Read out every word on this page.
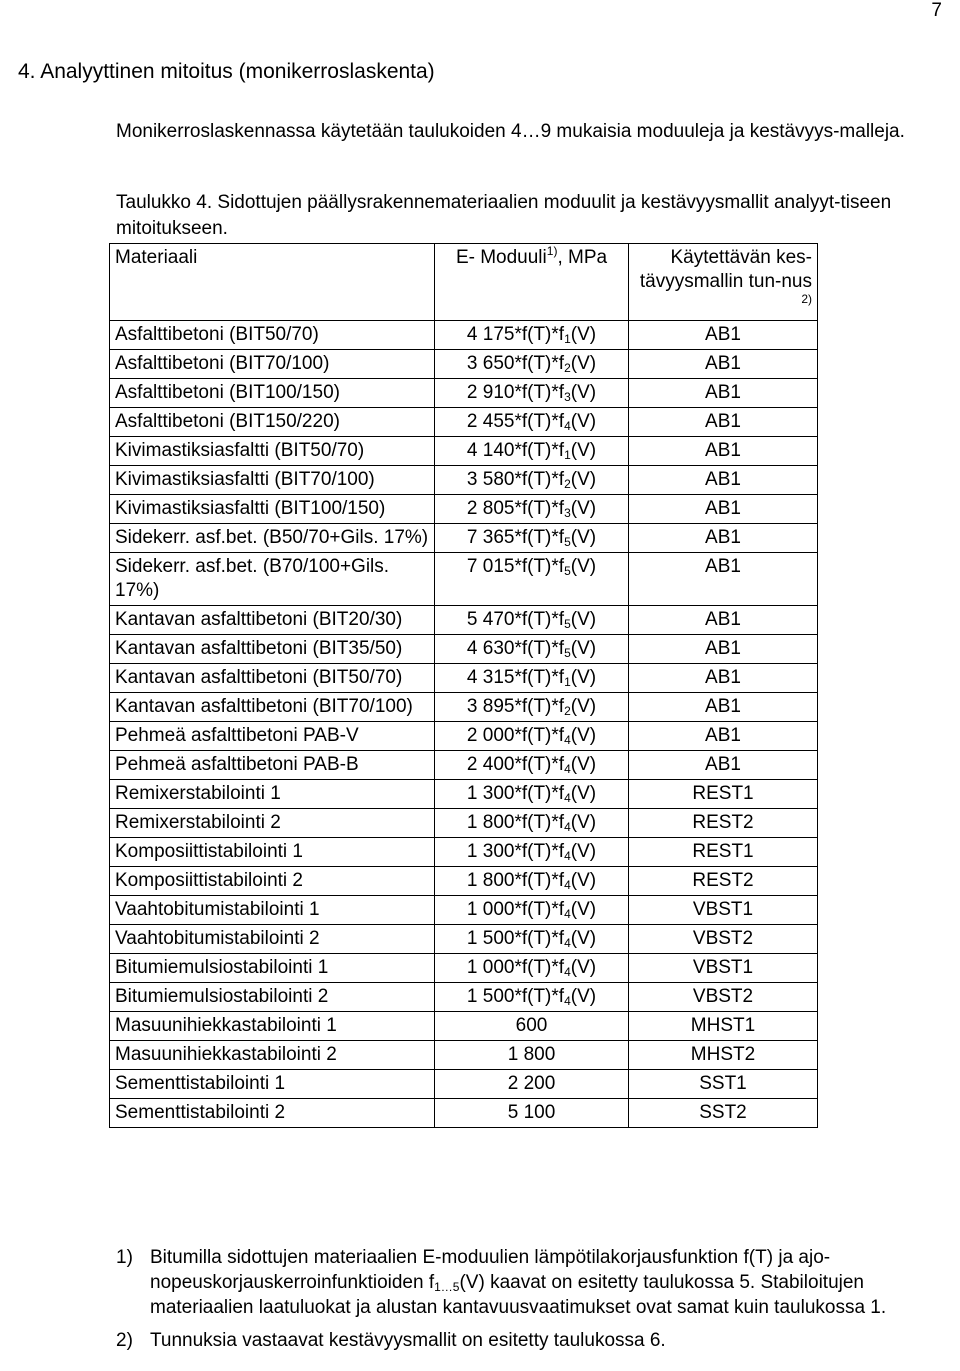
7
4. Analyyttinen mitoitus (monikerroslaskenta)

Monikerroslaskennassa käytetään taulukoiden 4…9 mukaisia moduuleja ja kestävyys-malleja.

Taulukko 4. Sidottujen päällysrakennemateriaalien moduulit ja kestävyysmallit analyyt-tiseen mitoitukseen.

Materiaali	E- Moduuli$^{1)}$, MPa	Käytettävän kes-tävyysmallin tun-nus $^{2)}$
Asfalttibetoni (BIT50/70)	4 $175*f(T)*f_1(V)$	AB1
Asfalttibetoni (BIT70/100)	3 $650*f(T)*f_2(V)$	AB1
Asfalttibetoni (BIT100/150)	2 $910*f(T)*f_3(V)$	AB1
Asfalttibetoni (BIT150/220)	2 $455*f(T)*f_4(V)$	AB1
Kivimastiksiasfaltti (BIT50/70)	4 $140*f(T)*f_1(V)$	AB1
Kivimastiksiasfaltti (BIT70/100)	3 $580*f(T)*f_2(V)$	AB1
Kivimastiksiasfaltti (BIT100/150)	2 $805*f(T)*f_3(V)$	AB1
Sidekerr. asf.bet. (B50/70+Gils. 17%)	7 $365*f(T)*f_5(V)$	AB1
Sidekerr. asf.bet. (B70/100+Gils. 17%)	7 $015*f(T)*f_5(V)$	AB1
Kantavan asfalttibetoni (BIT20/30)	5 $470*f(T)*f_5(V)$	AB1
Kantavan asfalttibetoni (BIT35/50)	4 $630*f(T)*f_5(V)$	AB1
Kantavan asfalttibetoni (BIT50/70)	4 $315*f(T)*f_1(V)$	AB1
Kantavan asfalttibetoni (BIT70/100)	3 $895*f(T)*f_2(V)$	AB1
Pehmeä asfalttibetoni PAB-V	2 $000*f(T)*f_4(V)$	AB1
Pehmeä asfalttibetoni PAB-B	2 $400*f(T)*f_4(V)$	AB1
Remixerstabilointi 1	1 $300*f(T)*f_4(V)$	REST1
Remixerstabilointi 2	1 $800*f(T)*f_4(V)$	REST2
Komposiittistabilointi 1	1 $300*f(T)*f_4(V)$	REST1
Komposiittistabilointi 2	1 $800*f(T)*f_4(V)$	REST2
Vaahtobitumistabilointi 1	1 $000*f(T)*f_4(V)$	VBST1
Vaahtobitumistabilointi 2	1 $500*f(T)*f_4(V)$	VBST2
Bitumiemulsiostabilointi 1	1 $000*f(T)*f_4(V)$	VBST1
Bitumiemulsiostabilointi 2	1 $500*f(T)*f_4(V)$	VBST2
Masuunihiekkastabilointi 1	600	MHST1
Masuunihiekkastabilointi 2	1 800	MHST2
Sementtistabilointi 1	2 200	SST1
Sementtistabilointi 2	5 100	SST2
1) Bitumilla sidottujen materiaalien E-moduulien lämpötilakorjausfunktion f(T) ja ajo-nopeuskorjauskerroinfunktioiden $f_{1\dots 5}(V)$ kaavat on esitetty taulukossa 5. Stabiloitujen materiaalien laatuluokat ja alustan kantavuusvaatimukset ovat samat kuin taulukossa 1.
2) Tunnuksia vastaavat kestävyysmallit on esitetty taulukossa 6.
